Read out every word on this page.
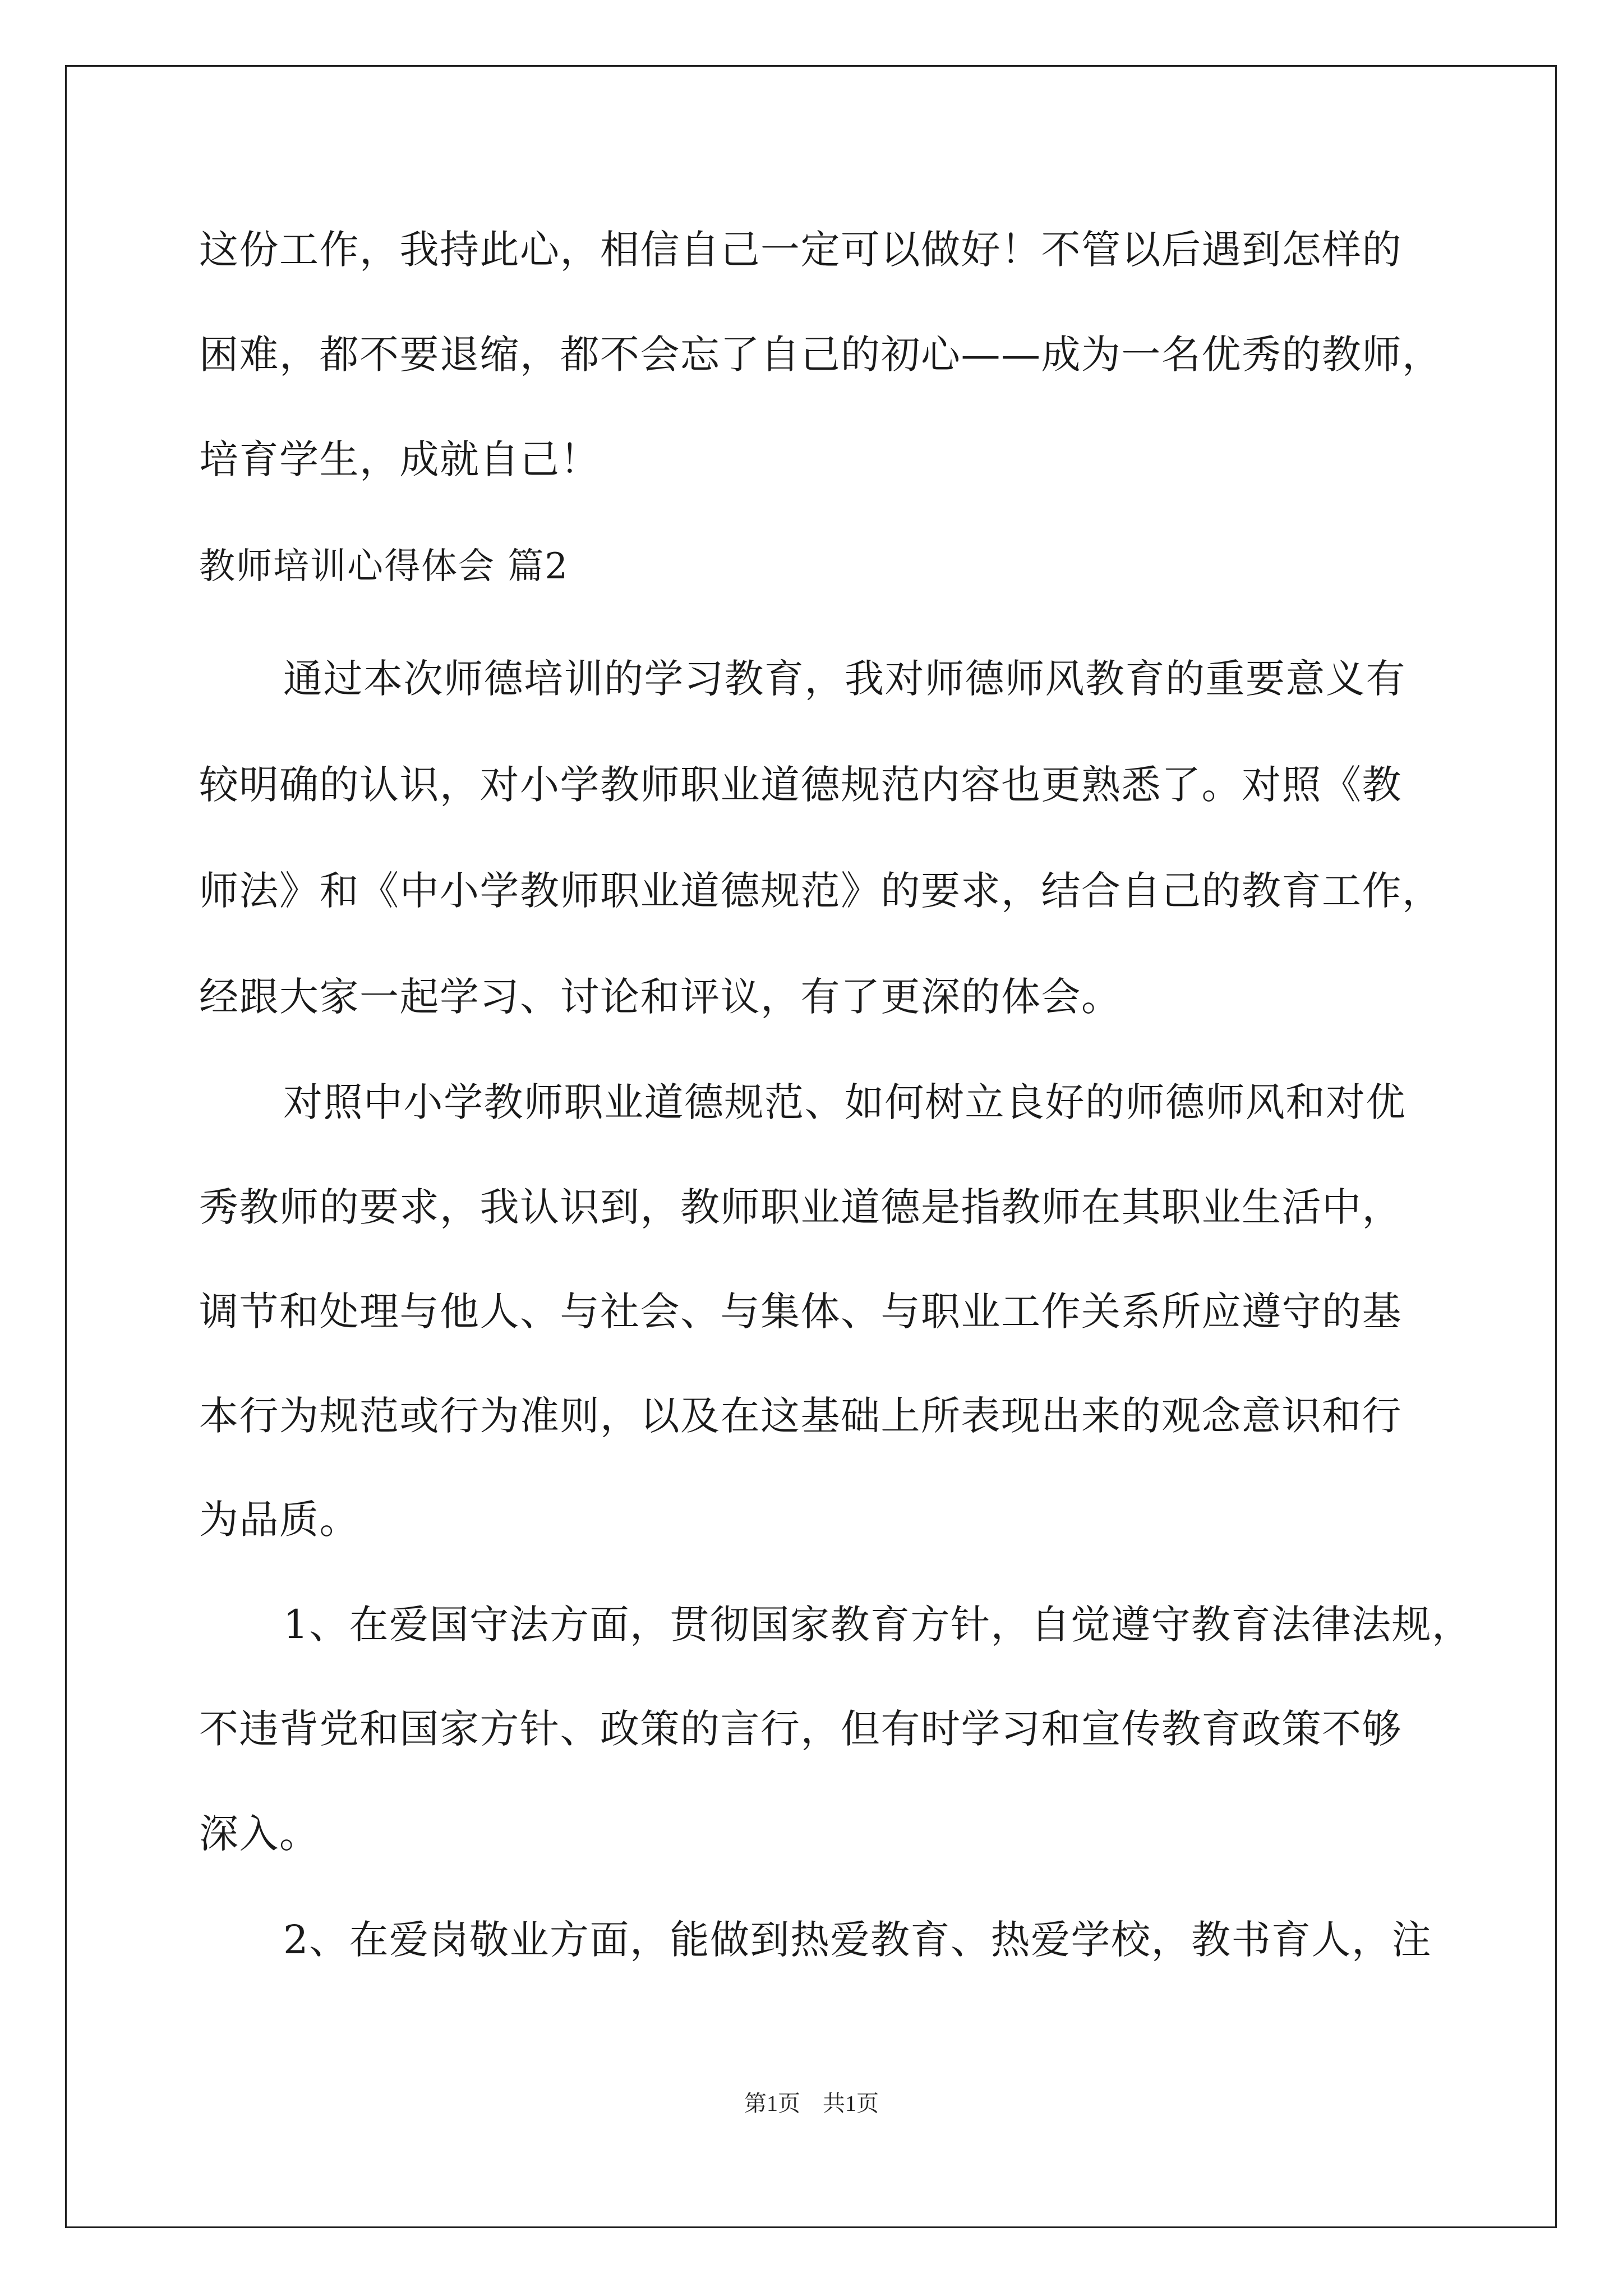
这份工作，我持此心，相信自己一定可以做好！不管以后遇到怎样的
困难，都不要退缩，都不会忘了自己的初心——成为一名优秀的教师，
培育学生，成就自己！
教师培训心得体会 篇2
通过本次师德培训的学习教育，我对师德师风教育的重要意义有
较明确的认识，对小学教师职业道德规范内容也更熟悉了。对照《教
师法》和《中小学教师职业道德规范》的要求，结合自己的教育工作，
经跟大家一起学习、讨论和评议，有了更深的体会。
对照中小学教师职业道德规范、如何树立良好的师德师风和对优
秀教师的要求，我认识到，教师职业道德是指教师在其职业生活中，
调节和处理与他人、与社会、与集体、与职业工作关系所应遵守的基
本行为规范或行为准则，以及在这基础上所表现出来的观念意识和行
为品质。
1、在爱国守法方面，贯彻国家教育方针，自觉遵守教育法律法规，
不违背党和国家方针、政策的言行，但有时学习和宣传教育政策不够
深入。
2、在爱岗敬业方面，能做到热爱教育、热爱学校，教书育人，注
第1页　共1页
